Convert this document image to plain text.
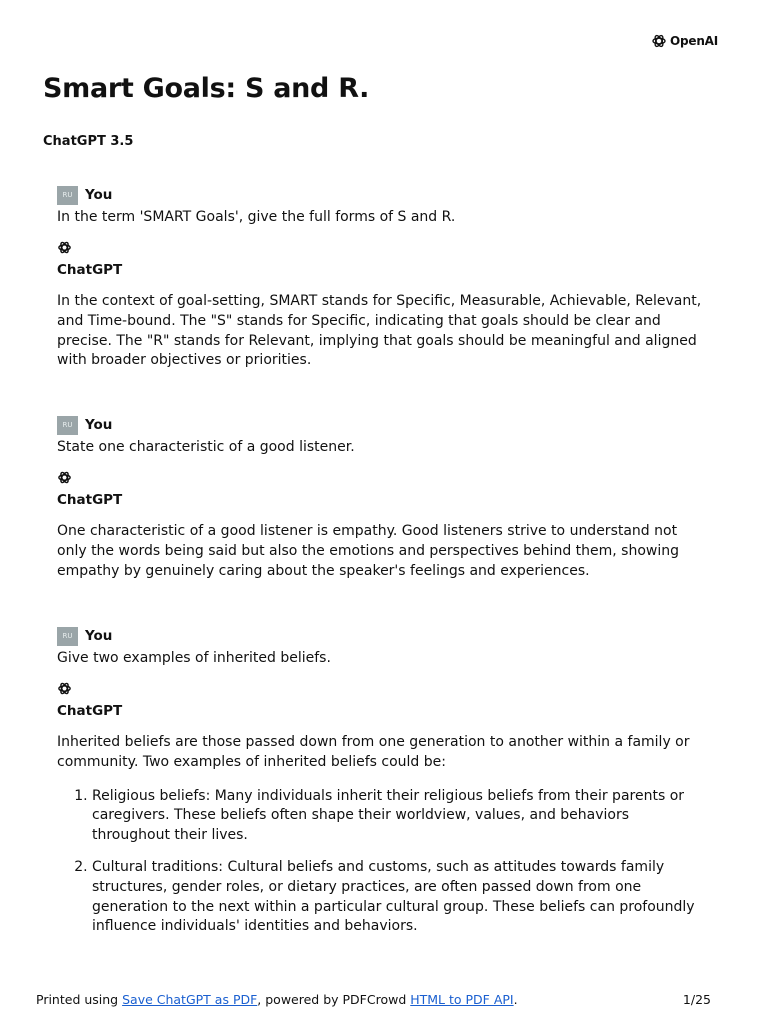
OpenAI
Smart Goals: S and R.
ChatGPT 3.5
RU You
In the term 'SMART Goals', give the full forms of S and R.
ChatGPT
In the context of goal-setting, SMART stands for Specific, Measurable, Achievable, Relevant, and Time-bound. The "S" stands for Specific, indicating that goals should be clear and precise. The "R" stands for Relevant, implying that goals should be meaningful and aligned with broader objectives or priorities.
RU You
State one characteristic of a good listener.
ChatGPT
One characteristic of a good listener is empathy. Good listeners strive to understand not only the words being said but also the emotions and perspectives behind them, showing empathy by genuinely caring about the speaker's feelings and experiences.
RU You
Give two examples of inherited beliefs.
ChatGPT
Inherited beliefs are those passed down from one generation to another within a family or community. Two examples of inherited beliefs could be:
1. Religious beliefs: Many individuals inherit their religious beliefs from their parents or caregivers. These beliefs often shape their worldview, values, and behaviors throughout their lives.
2. Cultural traditions: Cultural beliefs and customs, such as attitudes towards family structures, gender roles, or dietary practices, are often passed down from one generation to the next within a particular cultural group. These beliefs can profoundly influence individuals' identities and behaviors.
Printed using Save ChatGPT as PDF, powered by PDFCrowd HTML to PDF API.	1/25
